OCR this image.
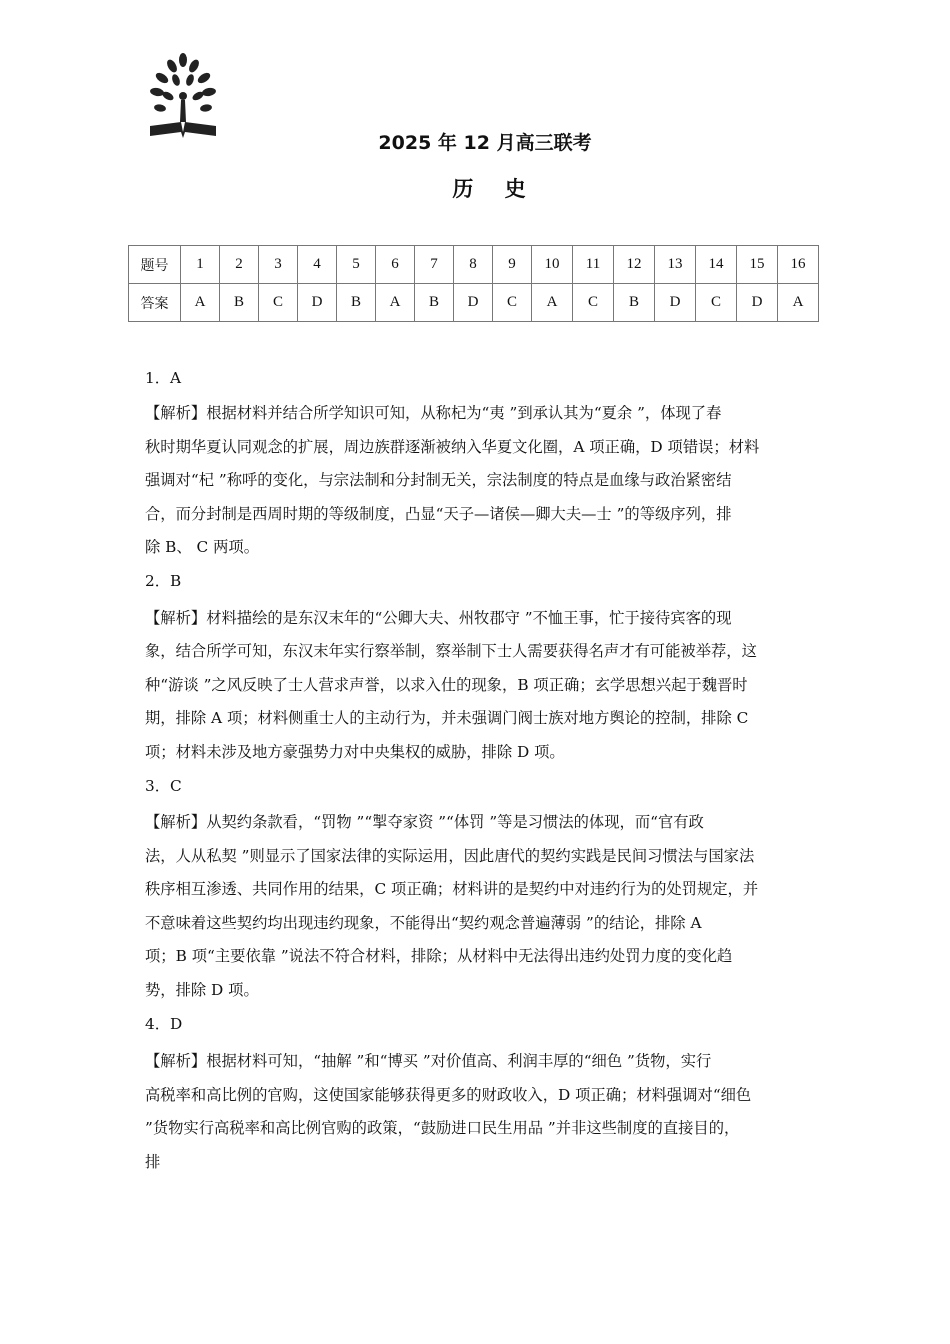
2025 年 12 月高三联考
历 史
题号	1	2	3	4	5	6	7	8	9	10	11	12	13	14	15	16
答案	A	B	C	D	B	A	B	D	C	A	C	B	D	C	D	A
1．A
【解析】根据材料并结合所学知识可知，从称杞为“夷 ”到承认其为“夏余 ”，体现了春
秋时期华夏认同观念的扩展，周边族群逐渐被纳入华夏文化圈，A 项正确，D 项错误；材料
强调对“杞 ”称呼的变化，与宗法制和分封制无关，宗法制度的特点是血缘与政治紧密结
合，而分封制是西周时期的等级制度，凸显“天子—诸侯—卿大夫—士 ”的等级序列，排
除 B、 C 两项。
2．B
【解析】材料描绘的是东汉末年的“公卿大夫、州牧郡守 ”不恤王事，忙于接待宾客的现
象，结合所学可知，东汉末年实行察举制，察举制下士人需要获得名声才有可能被举荐，这
种“游谈 ”之风反映了士人营求声誉，以求入仕的现象，B 项正确；玄学思想兴起于魏晋时
期，排除 A 项；材料侧重士人的主动行为，并未强调门阀士族对地方舆论的控制，排除 C
项；材料未涉及地方豪强势力对中央集权的威胁，排除 D 项。
3．C
【解析】从契约条款看，“罚物 ”“掣夺家资 ”“体罚 ”等是习惯法的体现，而“官有政
法，人从私契 ”则显示了国家法律的实际运用，因此唐代的契约实践是民间习惯法与国家法
秩序相互渗透、共同作用的结果，C 项正确；材料讲的是契约中对违约行为的处罚规定，并
不意味着这些契约均出现违约现象，不能得出“契约观念普遍薄弱 ”的结论，排除 A
项；B 项“主要依靠 ”说法不符合材料，排除；从材料中无法得出违约处罚力度的变化趋
势，排除 D 项。
4．D
【解析】根据材料可知，“抽解 ”和“博买 ”对价值高、利润丰厚的“细色 ”货物，实行
高税率和高比例的官购，这使国家能够获得更多的财政收入，D 项正确；材料强调对“细色
”货物实行高税率和高比例官购的政策，“鼓励进口民生用品 ”并非这些制度的直接目的，
排
